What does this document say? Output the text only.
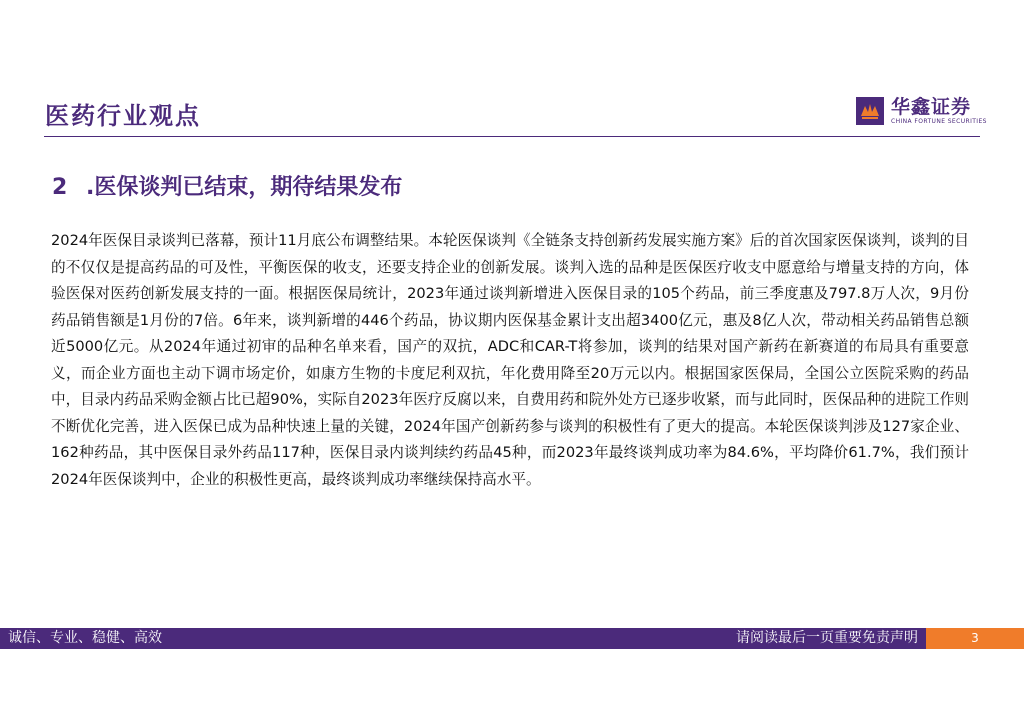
医药行业观点	华鑫证券
CHINA FORTUNE SECURITIES
2 .医保谈判已结束，期待结果发布

2024年医保目录谈判已落幕，预计11月底公布调整结果。本轮医保谈判《全链条支持创新药发展实施方案》后的首次国家医保谈判，谈判的目的不仅仅是提高药品的可及性，平衡医保的收支，还要支持企业的创新发展。谈判入选的品种是医保医疗收支中愿意给与增量支持的方向，体验医保对医药创新发展支持的一面。根据医保局统计，2023年通过谈判新增进入医保目录的105个药品，前三季度惠及797.8万人次，9月份药品销售额是1月份的7倍。6年来，谈判新增的446个药品，协议期内医保基金累计支出超3400亿元，惠及8亿人次，带动相关药品销售总额近5000亿元。从2024年通过初审的品种名单来看，国产的双抗，ADC和CAR-T将参加，谈判的结果对国产新药在新赛道的布局具有重要意义，而企业方面也主动下调市场定价，如康方生物的卡度尼利双抗，年化费用降至20万元以内。根据国家医保局，全国公立医院采购的药品中，目录内药品采购金额占比已超90%，实际自2023年医疗反腐以来，自费用药和院外处方已逐步收紧，而与此同时，医保品种的进院工作则不断优化完善，进入医保已成为品种快速上量的关键，2024年国产创新药参与谈判的积极性有了更大的提高。本轮医保谈判涉及127家企业、162种药品，其中医保目录外药品117种，医保目录内谈判续约药品45种，而2023年最终谈判成功率为84.6%，平均降价61.7%，我们预计2024年医保谈判中，企业的积极性更高，最终谈判成功率继续保持高水平。

诚信、专业、稳健、高效	请阅读最后一页重要免责声明	3
